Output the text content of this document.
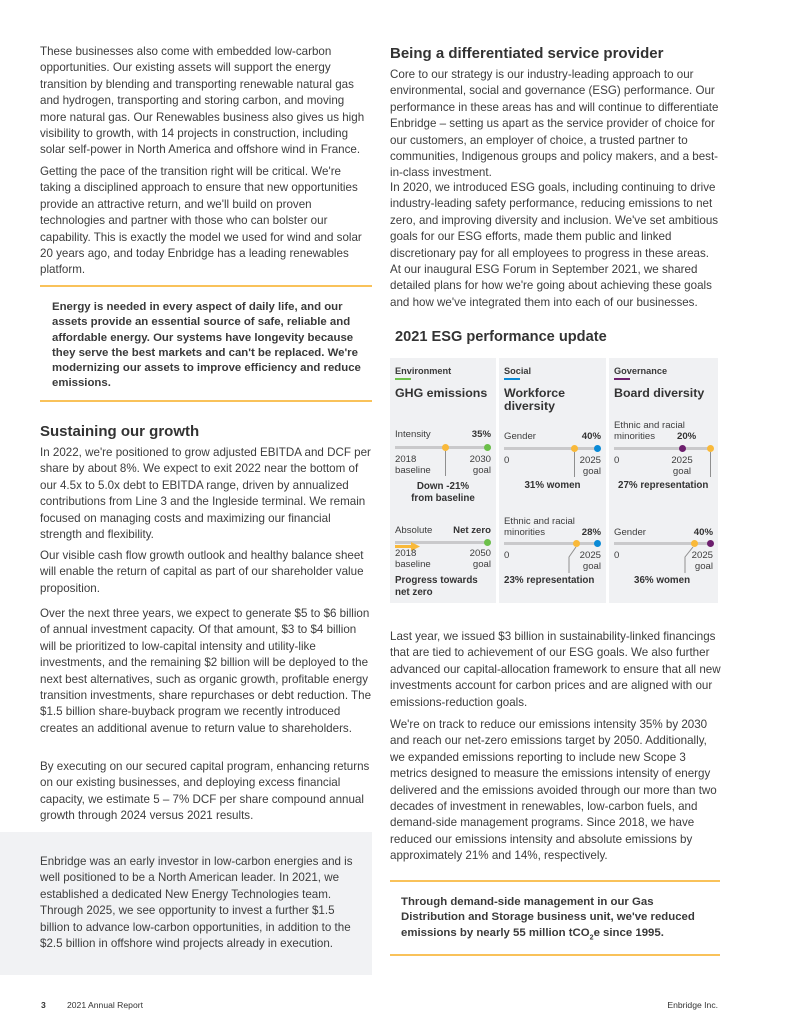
These businesses also come with embedded low-carbon opportunities. Our existing assets will support the energy transition by blending and transporting renewable natural gas and hydrogen, transporting and storing carbon, and moving more natural gas. Our Renewables business also gives us high visibility to growth, with 14 projects in construction, including solar self-power in North America and offshore wind in France.

Getting the pace of the transition right will be critical. We're taking a disciplined approach to ensure that new opportunities provide an attractive return, and we'll build on proven technologies and partner with those who can bolster our capability. This is exactly the model we used for wind and solar 20 years ago, and today Enbridge has a leading renewables platform.

Energy is needed in every aspect of daily life, and our assets provide an essential source of safe, reliable and affordable energy. Our systems have longevity because they serve the best markets and can't be replaced. We're modernizing our assets to improve efficiency and reduce emissions.

Sustaining our growth

In 2022, we're positioned to grow adjusted EBITDA and DCF per share by about 8%. We expect to exit 2022 near the bottom of our 4.5x to 5.0x debt to EBITDA range, driven by annualized contributions from Line 3 and the Ingleside terminal. We remain focused on managing costs and maximizing our financial strength and flexibility.

Our visible cash flow growth outlook and healthy balance sheet will enable the return of capital as part of our shareholder value proposition.

Over the next three years, we expect to generate $5 to $6 billion of annual investment capacity. Of that amount, $3 to $4 billion will be prioritized to low-capital intensity and utility-like investments, and the remaining $2 billion will be deployed to the next best alternatives, such as organic growth, profitable energy transition investments, share repurchases or debt reduction. The $1.5 billion share-buyback program we recently introduced creates an additional avenue to return value to shareholders.

By executing on our secured capital program, enhancing returns on our existing businesses, and deploying excess financial capacity, we estimate 5 – 7% DCF per share compound annual growth through 2024 versus 2021 results.

Enbridge was an early investor in low-carbon energies and is well positioned to be a North American leader. In 2021, we established a dedicated New Energy Technologies team. Through 2025, we see opportunity to invest a further $1.5 billion to advance low-carbon opportunities, in addition to the $2.5 billion in offshore wind projects already in execution.

Being a differentiated service provider

Core to our strategy is our industry-leading approach to our environmental, social and governance (ESG) performance. Our performance in these areas has and will continue to differentiate Enbridge – setting us apart as the service provider of choice for our customers, an employer of choice, a trusted partner to communities, Indigenous groups and policy makers, and a best-in-class investment.

In 2020, we introduced ESG goals, including continuing to drive industry-leading safety performance, reducing emissions to net zero, and improving diversity and inclusion. We've set ambitious goals for our ESG efforts, made them public and linked discretionary pay for all employees to progress in these areas. At our inaugural ESG Forum in September 2021, we shared detailed plans for how we're going about achieving these goals and how we've integrated them into each of our businesses.

2021 ESG performance update
Environment
GHG emissions
Intensity	35%
2018
baseline
2030
goal
Down -21%
from baseline
Absolute Net zero
2018
baseline
2050
goal
Progress towards
net zero
Social
Workforce
diversity
Gender	40%
0	2025
goal
31% women
Ethnic and racial
minorities	28%
0	2025
goal
23% representation
Governance
Board diversity
Ethnic and racial
minorities	20%
0	2025
goal
27% representation
Gender	40%
0	2025
goal
36% women

Last year, we issued $3 billion in sustainability-linked financings that are tied to achievement of our ESG goals. We also further advanced our capital-allocation framework to ensure that all new investments account for carbon prices and are aligned with our emissions-reduction goals.

We're on track to reduce our emissions intensity 35% by 2030 and reach our net-zero emissions target by 2050. Additionally, we expanded emissions reporting to include new Scope 3 metrics designed to measure the emissions intensity of energy delivered and the emissions avoided through our more than two decades of investment in renewables, low-carbon fuels, and demand-side management programs. Since 2018, we have reduced our emissions intensity and absolute emissions by approximately 21% and 14%, respectively.

Through demand-side management in our Gas Distribution and Storage business unit, we've reduced emissions by nearly 55 million tCO$_2$e since 1995.

3 2021 Annual Report	Enbridge Inc.
